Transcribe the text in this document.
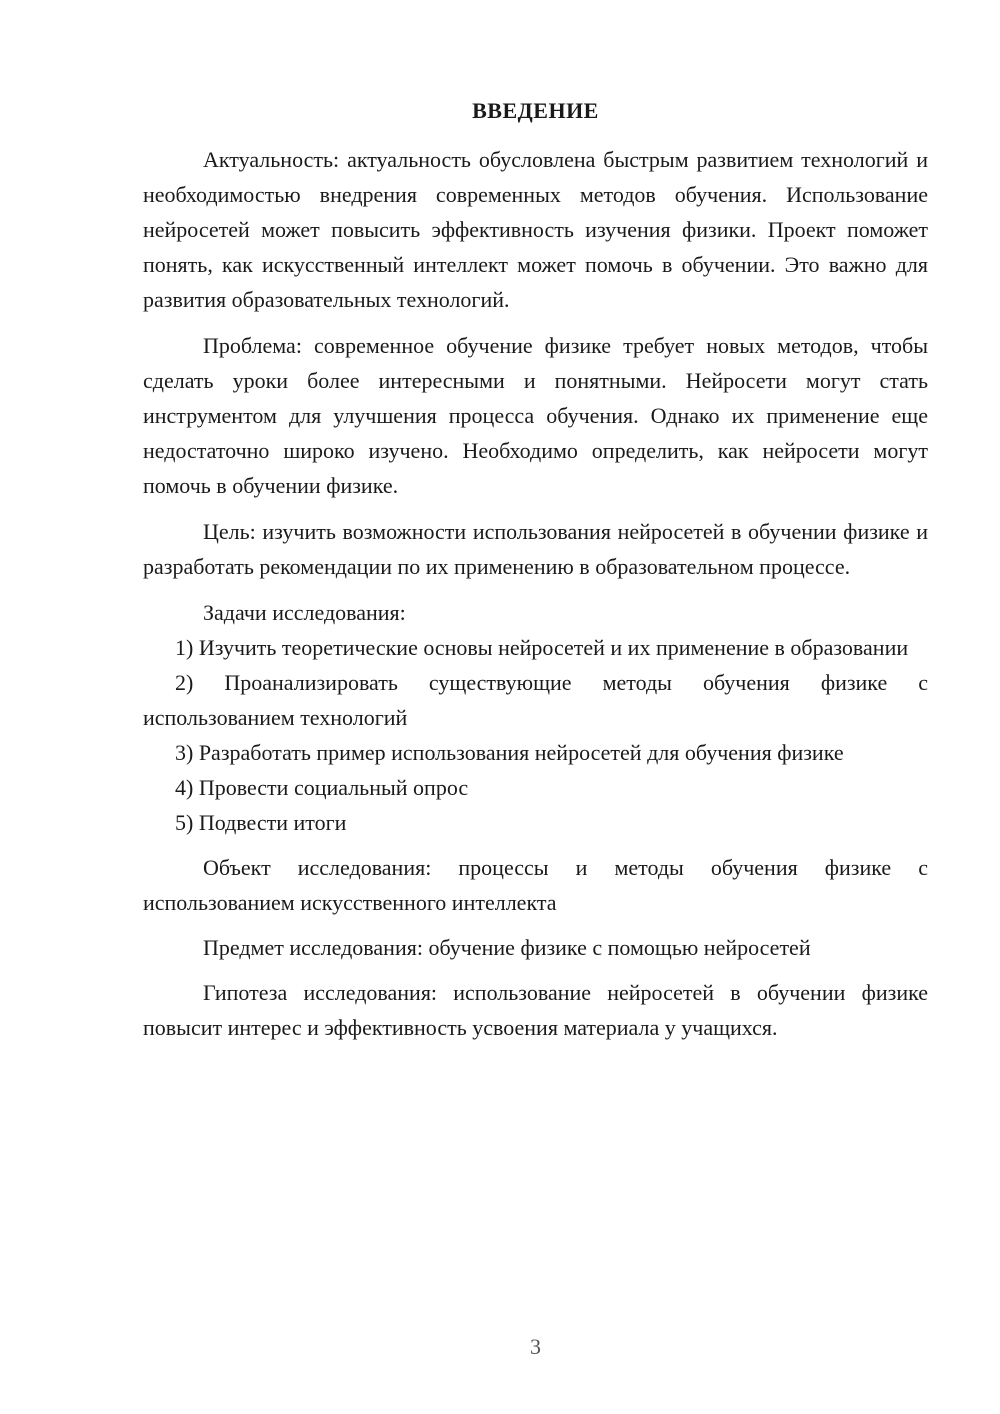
ВВЕДЕНИЕ

Актуальность: актуальность обусловлена быстрым развитием технологий и необходимостью внедрения современных методов обучения. Использование нейросетей может повысить эффективность изучения физики. Проект поможет понять, как искусственный интеллект может помочь в обучении. Это важно для развития образовательных технологий.

Проблема: современное обучение физике требует новых методов, чтобы сделать уроки более интересными и понятными. Нейросети могут стать инструментом для улучшения процесса обучения. Однако их применение еще недостаточно широко изучено. Необходимо определить, как нейросети могут помочь в обучении физике.

Цель: изучить возможности использования нейросетей в обучении физике и разработать рекомендации по их применению в образовательном процессе.

Задачи исследования:

1) Изучить теоретические основы нейросетей и их применение в образовании

2) Проанализировать существующие методы обучения физике с использованием технологий

3) Разработать пример использования нейросетей для обучения физике

4) Провести социальный опрос

5) Подвести итоги

Объект исследования: процессы и методы обучения физике с использованием искусственного интеллекта

Предмет исследования: обучение физике с помощью нейросетей

Гипотеза исследования: использование нейросетей в обучении физике повысит интерес и эффективность усвоения материала у учащихся.

3
